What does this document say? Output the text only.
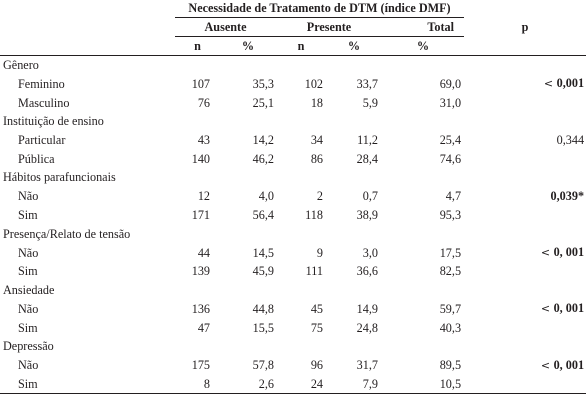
	Necessidade de Tratamento de DTM (índice DMF)					p
	Ausente		Presente		Total	
	n	%	n	%	%	
Gênero						
Feminino	107	35,3	102	33,7	69,0	< 0,001
Masculino	76	25,1	18	5,9	31,0	
Instituição de ensino						
Particular	43	14,2	34	11,2	25,4	0,344
Pública	140	46,2	86	28,4	74,6	
Hábitos parafuncionais						
Não	12	4,0	2	0,7	4,7	0,039*
Sim	171	56,4	118	38,9	95,3	
Presença/Relato de tensão						
Não	44	14,5	9	3,0	17,5	< 0, 001
Sim	139	45,9	111	36,6	82,5	
Ansiedade						
Não	136	44,8	45	14,9	59,7	< 0, 001
Sim	47	15,5	75	24,8	40,3	
Depressão						
Não	175	57,8	96	31,7	89,5	< 0, 001
Sim	8	2,6	24	7,9	10,5	
